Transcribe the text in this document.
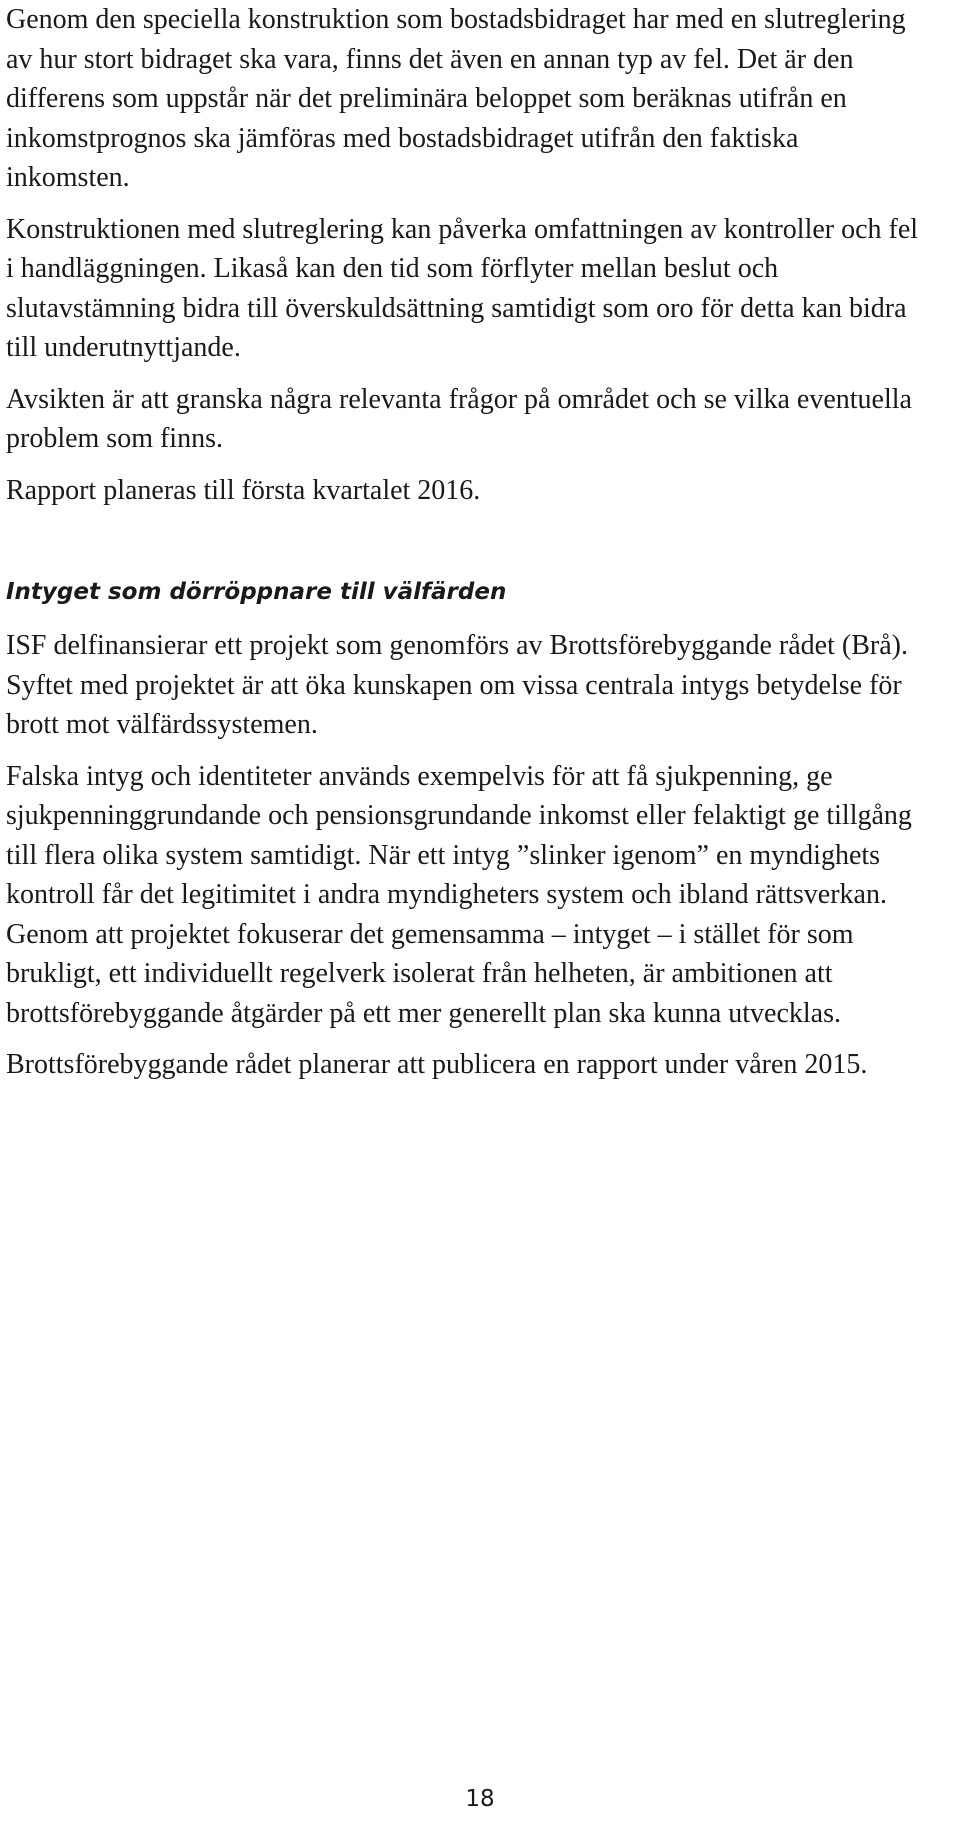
Genom den speciella konstruktion som bostadsbidraget har med en slutreglering av hur stort bidraget ska vara, finns det även en annan typ av fel. Det är den differens som uppstår när det preliminära beloppet som beräknas utifrån en inkomstprognos ska jämföras med bostadsbidraget utifrån den faktiska inkomsten.

Konstruktionen med slutreglering kan påverka omfattningen av kontroller och fel i handläggningen. Likaså kan den tid som förflyter mellan beslut och slutavstämning bidra till överskuldsättning samtidigt som oro för detta kan bidra till underutnyttjande.

Avsikten är att granska några relevanta frågor på området och se vilka eventuella problem som finns.

Rapport planeras till första kvartalet 2016.

Intyget som dörröppnare till välfärden

ISF delfinansierar ett projekt som genomförs av Brottsförebyggande rådet (Brå). Syftet med projektet är att öka kunskapen om vissa centrala intygs betydelse för brott mot välfärdssystemen.

Falska intyg och identiteter används exempelvis för att få sjukpenning, ge sjukpenninggrundande och pensionsgrundande inkomst eller felaktigt ge tillgång till flera olika system samtidigt. När ett intyg ”slinker igenom” en myndighets kontroll får det legitimitet i andra myndigheters system och ibland rättsverkan. Genom att projektet fokuserar det gemensamma – intyget – i stället för som brukligt, ett individuellt regelverk isolerat från helheten, är ambitionen att brottsförebyggande åtgärder på ett mer generellt plan ska kunna utvecklas.

Brottsförebyggande rådet planerar att publicera en rapport under våren 2015.

18
